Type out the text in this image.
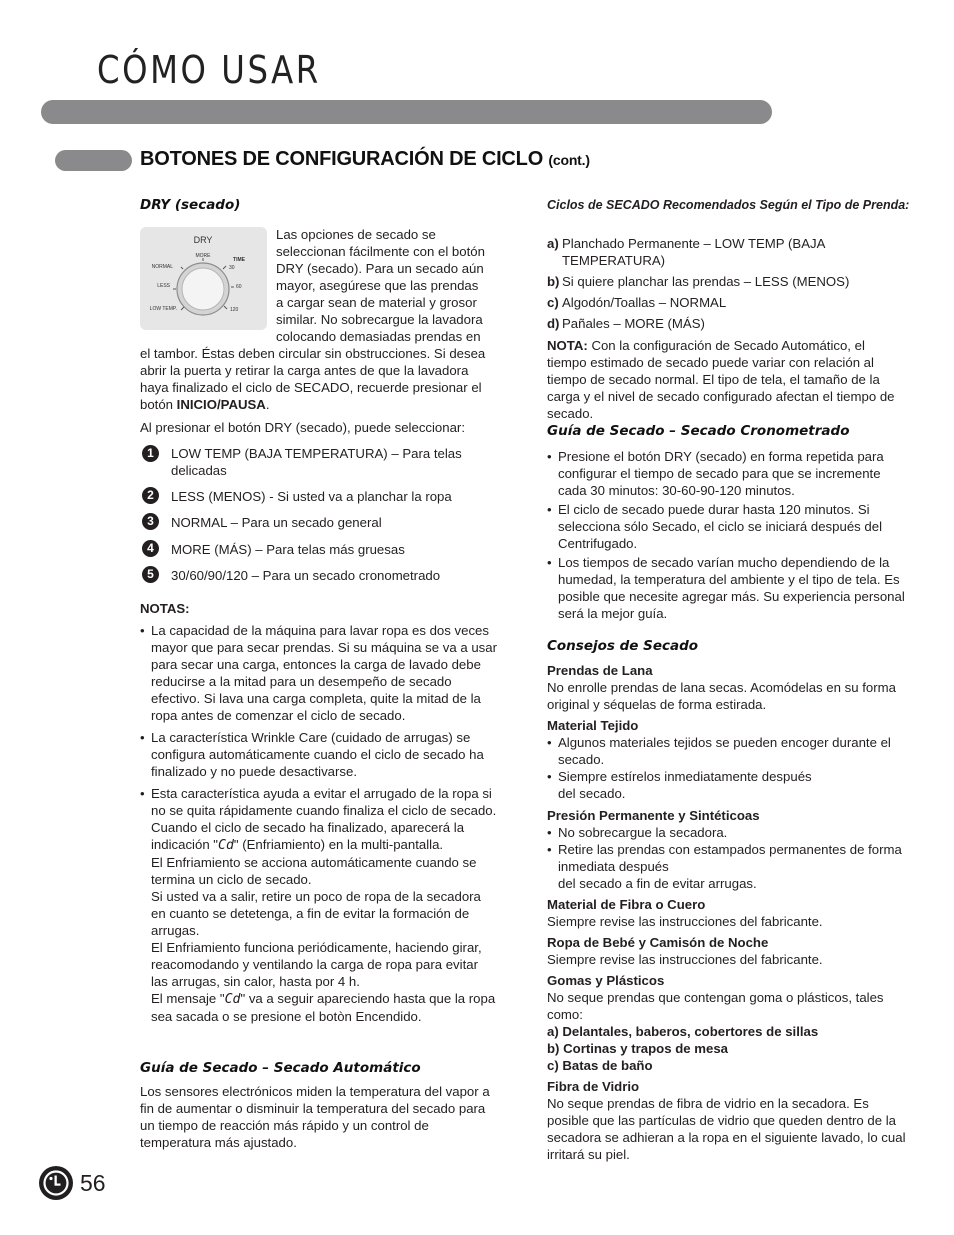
CÓMO USAR
BOTONES DE CONFIGURACIÓN DE CICLO (cont.)
DRY (secado)
DRY
MORE
TIME
NORMAL
LESS
LOW TEMP.
30
60
120
Las opciones de secado se
seleccionan fácilmente con el botón
DRY (secado). Para un secado aún
mayor, asegúrese que las prendas
a cargar sean de material y grosor
similar. No sobrecargue la lavadora
colocando demasiadas prendas en

el tambor. Éstas deben circular sin obstrucciones. Si desea abrir la puerta y retirar la carga antes de que la lavadora haya finalizado el ciclo de SECADO, recuerde presionar el botón INICIO/PAUSA.

Al presionar el botón DRY (secado), puede seleccionar:

1	LOW TEMP (BAJA TEMPERATURA) – Para telas delicadas
2	LESS (MENOS) - Si usted va a planchar la ropa
3	NORMAL – Para un secado general
4	MORE (MÁS) – Para telas más gruesas
5	30/60/90/120 – Para un secado cronometrado

NOTAS:

• La capacidad de la máquina para lavar ropa es dos veces mayor que para secar prendas. Si su máquina se va a usar para secar una carga, entonces la carga de lavado debe reducirse a la mitad para un desempeño de secado efectivo. Si lava una carga completa, quite la mitad de la ropa antes de comenzar el ciclo de secado.
• La característica Wrinkle Care (cuidado de arrugas) se configura automáticamente cuando el ciclo de secado ha finalizado y no puede desactivarse.
• Esta característica ayuda a evitar el arrugado de la ropa si no se quita rápidamente cuando finaliza el ciclo de secado.
Cuando el ciclo de secado ha finalizado, aparecerá la indicación "Cd" (Enfriamiento) en la multi-pantalla.
El Enfriamiento se acciona automáticamente cuando se termina un ciclo de secado.
Si usted va a salir, retire un poco de ropa de la secadora en cuanto se detetenga, a fin de evitar la formación de arrugas.
El Enfriamiento funciona periódicamente, haciendo girar, reacomodando y ventilando la carga de ropa para evitar las arrugas, sin calor, hasta por 4 h.
El mensaje "Cd" va a seguir apareciendo hasta que la ropa sea sacada o se presione el botòn Encendido.
Guía de Secado – Secado Automático
Los sensores electrónicos miden la temperatura del vapor a fin de aumentar o disminuir la temperatura del secado para un tiempo de reacción más rápido y un control de temperatura más ajustado.
Ciclos de SECADO Recomendados Según el Tipo de Prenda:
a) Planchado Permanente – LOW TEMP (BAJA TEMPERATURA)
b) Si quiere planchar las prendas – LESS (MENOS)
c) Algodón/Toallas – NORMAL
d) Pañales – MORE (MÁS)

NOTA: Con la configuración de Secado Automático, el tiempo estimado de secado puede variar con relación al tiempo de secado normal. El tipo de tela, el tamaño de la carga y el nivel de secado configurado afectan el tiempo de secado.

Guía de Secado – Secado Cronometrado
• Presione el botón DRY (secado) en forma repetida para configurar el tiempo de secado para que se incremente cada 30 minutos: 30-60-90-120 minutos.
• El ciclo de secado puede durar hasta 120 minutos. Si selecciona sólo Secado, el ciclo se iniciará después del Centrifugado.
• Los tiempos de secado varían mucho dependiendo de la humedad, la temperatura del ambiente y el tipo de tela. Es posible que necesite agregar más. Su experiencia personal será la mejor guía.
Consejos de Secado

Prendas de Lana

No enrolle prendas de lana secas. Acomódelas en su forma original y séquelas de forma estirada.

Material Tejido

• Algunos materiales tejidos se pueden encoger durante el secado.
• Siempre estírelos inmediatamente después
del secado.

Presión Permanente y Sintéticoas

• No sobrecargue la secadora.
• Retire las prendas con estampados permanentes de forma inmediata después
del secado a fin de evitar arrugas.

Material de Fibra o Cuero

Siempre revise las instrucciones del fabricante.

Ropa de Bebé y Camisón de Noche

Siempre revise las instrucciones del fabricante.

Gomas y Plásticos

No seque prendas que contengan goma o plásticos, tales como:

a) Delantales, baberos, cobertores de sillas

b) Cortinas y trapos de mesa

c) Batas de baño

Fibra de Vidrio

No seque prendas de fibra de vidrio en la secadora. Es posible que las partículas de vidrio que queden dentro de la secadora se adhieran a la ropa en el siguiente lavado, lo cual irritará su piel.

56
